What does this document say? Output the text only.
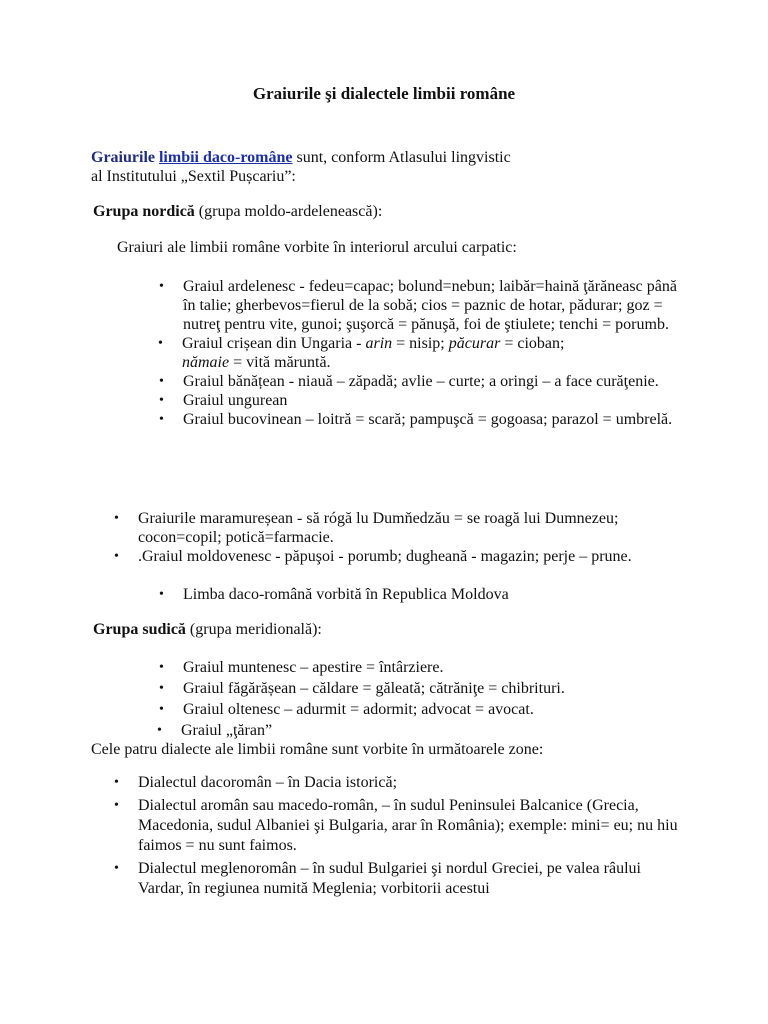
Graiurile şi dialectele limbii române
Graiurile limbii daco-române sunt, conform Atlasului lingvistic
al Institutului „Sextil Pușcariu”:
Grupa nordică (grupa moldo-ardelenească):
Graiuri ale limbii române vorbite în interiorul arcului carpatic:
• Graiul ardelenesc - fedeu=capac; bolund=nebun; laibăr=haină ţărăneasc până în talie; gherbevos=fierul de la sobă; cios = paznic de hotar, pădurar; goz = nutreţ pentru vite, gunoi; şuşorcă = pănuşă, foi de ştiulete; tenchi = porumb.
• Graiul crișean din Ungaria - arin = nisip; păcurar = cioban;
nămaie = vită măruntă.
• Graiul bănățean - niauă – zăpadă; avlie – curte; a oringi – a face curăţenie.
• Graiul ungurean
• Graiul bucovinean – loitră = scară; pampuşcă = gogoasa; parazol = umbrelă.
• Graiurile maramureșean - să rógă lu Dumňedzău = se roagă lui Dumnezeu; cocon=copil; potică=farmacie.
• .Graiul moldovenesc - păpuşoi - porumb; dugheană - magazin; perje – prune.
• Limba daco-română vorbită în Republica Moldova
Grupa sudică (grupa meridională):
• Graiul muntenesc – apestire = întârziere.
• Graiul făgărășean – căldare = găleată; cătrăniţe = chibrituri.
• Graiul oltenesc – adurmit = adormit; advocat = avocat.
• Graiul „ţăran”
Cele patru dialecte ale limbii române sunt vorbite în următoarele zone:
• Dialectul dacoromân – în Dacia istorică;
• Dialectul aromân sau macedo-român, – în sudul Peninsulei Balcanice (Grecia, Macedonia, sudul Albaniei şi Bulgaria, arar în România); exemple: mini= eu; nu hiu faimos = nu sunt faimos.
• Dialectul meglenoromân – în sudul Bulgariei şi nordul Greciei, pe valea râului Vardar, în regiunea numită Meglenia; vorbitorii acestui
